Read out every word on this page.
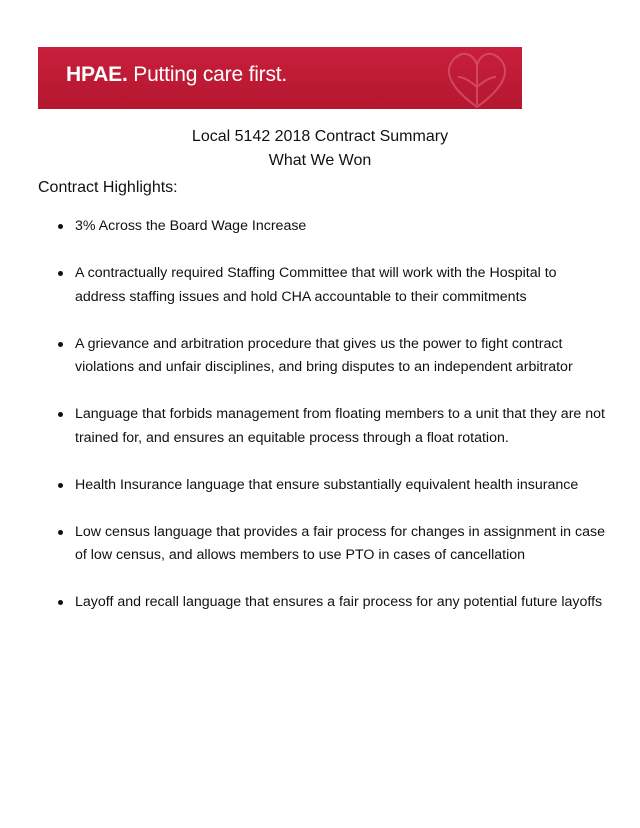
HPAE. Putting care first.
Local 5142 2018 Contract Summary
What We Won
Contract Highlights:
3% Across the Board Wage Increase
A contractually required Staffing Committee that will work with the Hospital to address staffing issues and hold CHA accountable to their commitments
A grievance and arbitration procedure that gives us the power to fight contract violations and unfair disciplines, and bring disputes to an independent arbitrator
Language that forbids management from floating members to a unit that they are not trained for, and ensures an equitable process through a float rotation.
Health Insurance language that ensure substantially equivalent health insurance
Low census language that provides a fair process for changes in assignment in case of low census, and allows members to use PTO in cases of cancellation
Layoff and recall language that ensures a fair process for any potential future layoffs
